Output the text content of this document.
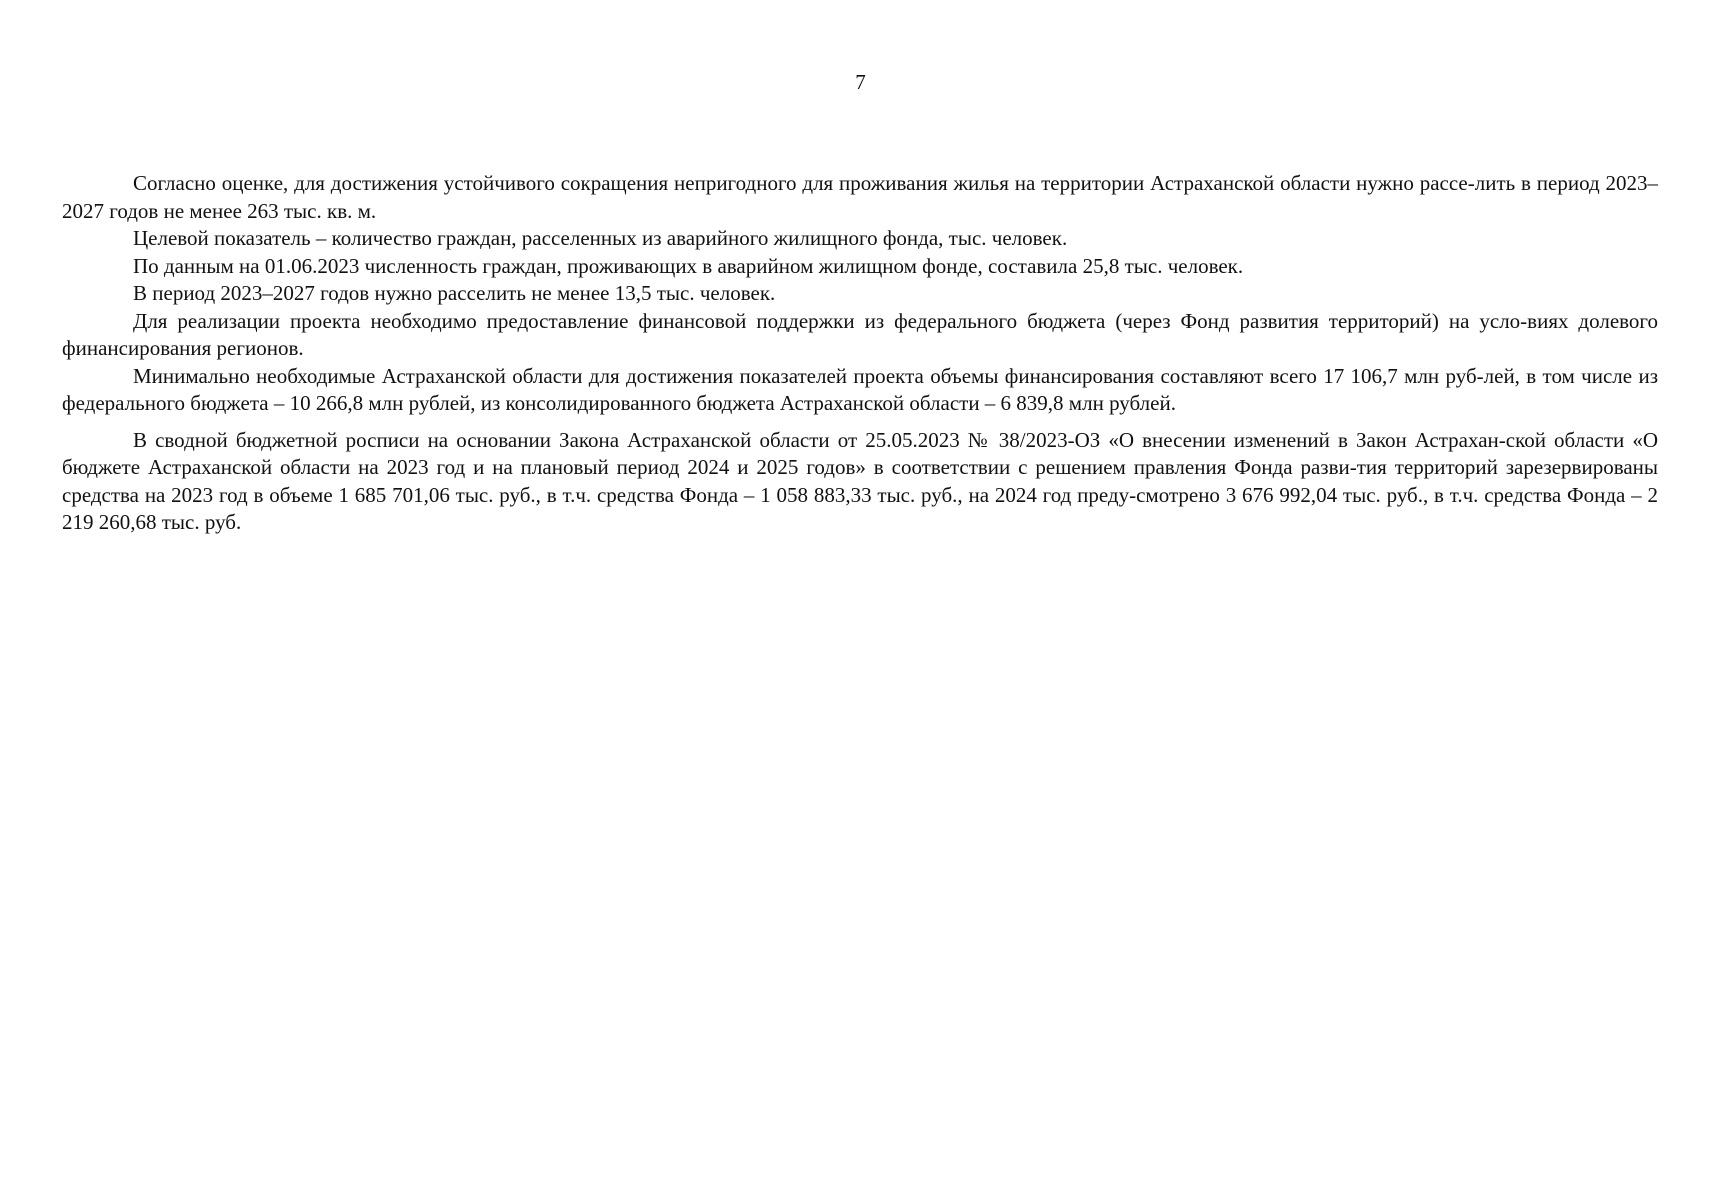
7

Согласно оценке, для достижения устойчивого сокращения непригодного для проживания жилья на территории Астраханской области нужно рассе-лить в период 2023–2027 годов не менее 263 тыс. кв. м.

Целевой показатель – количество граждан, расселенных из аварийного жилищного фонда, тыс. человек.

По данным на 01.06.2023 численность граждан, проживающих в аварийном жилищном фонде, составила 25,8 тыс. человек.

В период 2023–2027 годов нужно расселить не менее 13,5 тыс. человек.

Для реализации проекта необходимо предоставление финансовой поддержки из федерального бюджета (через Фонд развития территорий) на усло-виях долевого финансирования регионов.

Минимально необходимые Астраханской области для достижения показателей проекта объемы финансирования составляют всего 17 106,7 млн руб-лей, в том числе из федерального бюджета – 10 266,8 млн рублей, из консолидированного бюджета Астраханской области – 6 839,8 млн рублей.

В сводной бюджетной росписи на основании Закона Астраханской области от 25.05.2023 № 38/2023-ОЗ «О внесении изменений в Закон Астрахан-ской области «О бюджете Астраханской области на 2023 год и на плановый период 2024 и 2025 годов» в соответствии с решением правления Фонда разви-тия территорий зарезервированы средства на 2023 год в объеме 1 685 701,06 тыс. руб., в т.ч. средства Фонда – 1 058 883,33 тыс. руб., на 2024 год преду-смотрено 3 676 992,04 тыс. руб., в т.ч. средства Фонда – 2 219 260,68 тыс. руб.
